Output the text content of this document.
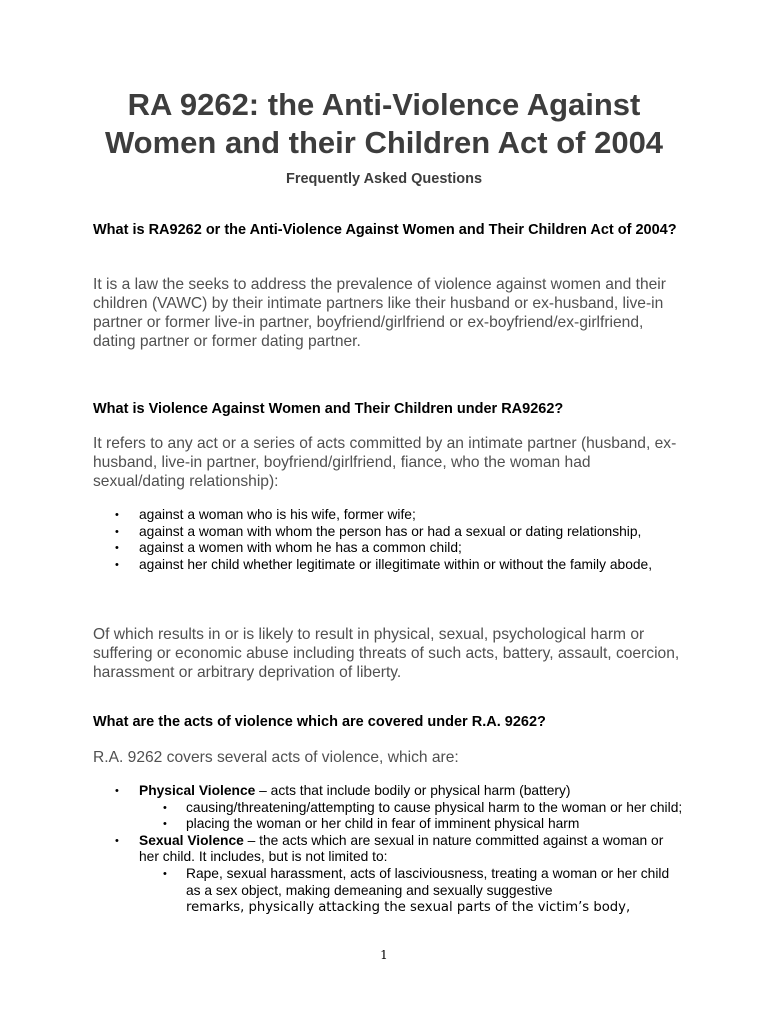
RA 9262: the Anti-Violence Against
Women and their Children Act of 2004

Frequently Asked Questions

What is RA9262 or the Anti-Violence Against Women and Their Children Act of 2004?

It is a law the seeks to address the prevalence of violence against women and their children (VAWC) by their intimate partners like their husband or ex-husband, live-in partner or former live-in partner, boyfriend/girlfriend or ex-boyfriend/ex-girlfriend, dating partner or former dating partner.

What is Violence Against Women and Their Children under RA9262?

It refers to any act or a series of acts committed by an intimate partner (husband, ex-husband, live-in partner, boyfriend/girlfriend, fiance, who the woman had sexual/dating relationship):

• against a woman who is his wife, former wife;
• against a woman with whom the person has or had a sexual or dating relationship,
• against a women with whom he has a common child;
• against her child whether legitimate or illegitimate within or without the family abode,

Of which results in or is likely to result in physical, sexual, psychological harm or suffering or economic abuse including threats of such acts, battery, assault, coercion, harassment or arbitrary deprivation of liberty.

What are the acts of violence which are covered under R.A. 9262?

R.A. 9262 covers several acts of violence, which are:

• Physical Violence – acts that include bodily or physical harm (battery)
• causing/threatening/attempting to cause physical harm to the woman or her child;
• placing the woman or her child in fear of imminent physical harm
• Sexual Violence – the acts which are sexual in nature committed against a woman or her child. It includes, but is not limited to:
• Rape, sexual harassment, acts of lasciviousness, treating a woman or her child as a sex object, making demeaning and sexually suggestive
remarks, physically attacking the sexual parts of the victim’s body,
1
